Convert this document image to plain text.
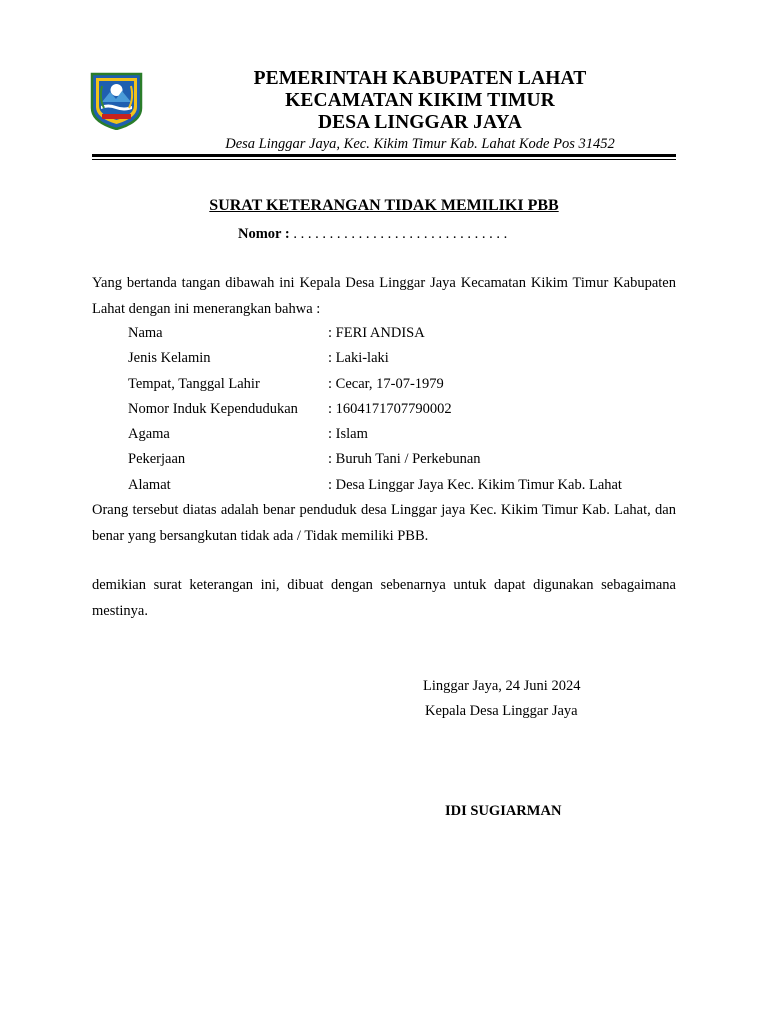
PEMERINTAH KABUPATEN LAHAT
KECAMATAN KIKIM TIMUR
DESA LINGGAR JAYA
Desa Linggar Jaya, Kec. Kikim Timur Kab. Lahat Kode Pos 31452
SURAT KETERANGAN TIDAK MEMILIKI PBB
Nomor : . . . . . . . . . . . . . . . . . . . . . . . . . . . . . .
Yang bertanda tangan dibawah ini Kepala Desa Linggar Jaya Kecamatan Kikim Timur Kabupaten Lahat dengan ini menerangkan bahwa :
Nama	: FERI ANDISA
Jenis Kelamin	: Laki-laki
Tempat, Tanggal Lahir	: Cecar, 17-07-1979
Nomor Induk Kependudukan	: 1604171707790002
Agama	: Islam
Pekerjaan	: Buruh Tani / Perkebunan
Alamat	: Desa Linggar Jaya Kec. Kikim Timur Kab. Lahat
Orang tersebut diatas adalah benar penduduk desa Linggar jaya Kec. Kikim Timur Kab. Lahat, dan benar yang bersangkutan tidak ada / Tidak memiliki PBB.
demikian surat keterangan ini, dibuat dengan sebenarnya untuk dapat digunakan sebagaimana mestinya.
Linggar Jaya, 24 Juni 2024
Kepala Desa Linggar Jaya
IDI SUGIARMAN
